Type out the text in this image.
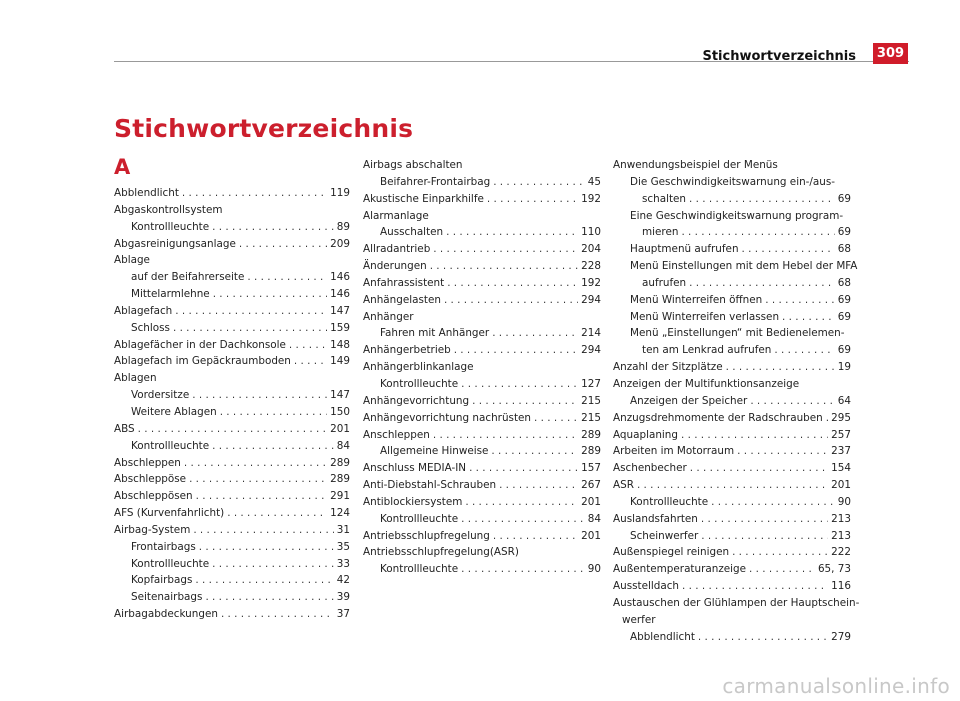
Stichwortverzeichnis	309
Stichwortverzeichnis
A
Abblendlicht . . .	119
Abgaskontrollsystem
Kontrollleuchte . . .	89
Abgasreinigungsanlage . . .	209
Ablage
auf der Beifahrerseite . . .	146
Mittelarmlehne . . .	146
Ablagefach . . .	147
Schloss . . .	159
Ablagefächer in der Dachkonsole . . .	148
Ablagefach im Gepäckraumboden . . .	149
Ablagen
Vordersitze . . .	147
Weitere Ablagen . . .	150
ABS . . .	201
Kontrollleuchte . . .	84
Abschleppen . . .	289
Abschleppöse . . .	289
Abschleppösen . . .	291
AFS (Kurvenfahrlicht) . . .	124
Airbag-System . . .	31
Frontairbags . . .	35
Kontrollleuchte . . .	33
Kopfairbags . . .	42
Seitenairbags . . .	39
Airbagabdeckungen . . .	37
Airbags abschalten
Beifahrer-Frontairbag . . .	45
Akustische Einparkhilfe . . .	192
Alarmanlage
Ausschalten . . .	110
Allradantrieb . . .	204
Änderungen . . .	228
Anfahrassistent . . .	192
Anhängelasten . . .	294
Anhänger
Fahren mit Anhänger . . .	214
Anhängerbetrieb . . .	294
Anhängerblinkanlage
Kontrollleuchte . . .	127
Anhängevorrichtung . . .	215
Anhängevorrichtung nachrüsten . . .	215
Anschleppen . . .	289
Allgemeine Hinweise . . .	289
Anschluss MEDIA-IN . . .	157
Anti-Diebstahl-Schrauben . . .	267
Antiblockiersystem . . .	201
Kontrollleuchte . . .	84
Antriebsschlupfregelung . . .	201
Antriebsschlupfregelung(ASR)
Kontrollleuchte . . .	90
Anwendungsbeispiel der Menüs
Die Geschwindigkeitswarnung ein-/aus-
schalten . . .	69
Eine Geschwindigkeitswarnung program-
mieren . . .	69
Hauptmenü aufrufen . . .	68
Menü Einstellungen mit dem Hebel der MFA
aufrufen . . .	68
Menü Winterreifen öffnen . . .	69
Menü Winterreifen verlassen . . .	69
Menü „Einstellungen“ mit Bedienelemen-
ten am Lenkrad aufrufen . . .	69
Anzahl der Sitzplätze . . .	19
Anzeigen der Multifunktionsanzeige
Anzeigen der Speicher . . .	64
Anzugsdrehmomente der Radschrauben . . . 295
Aquaplaning . . .	257
Arbeiten im Motorraum . . .	237
Aschenbecher . . .	154
ASR . . .	201
Kontrollleuchte . . .	90
Auslandsfahrten . . .	213
Scheinwerfer . . .	213
Außenspiegel reinigen . . .	222
Außentemperaturanzeige . . .	65, 73
Ausstelldach . . .	116
Austauschen der Glühlampen der Hauptschein-
werfer
Abblendlicht . . .	279
carmanualsonline.info
